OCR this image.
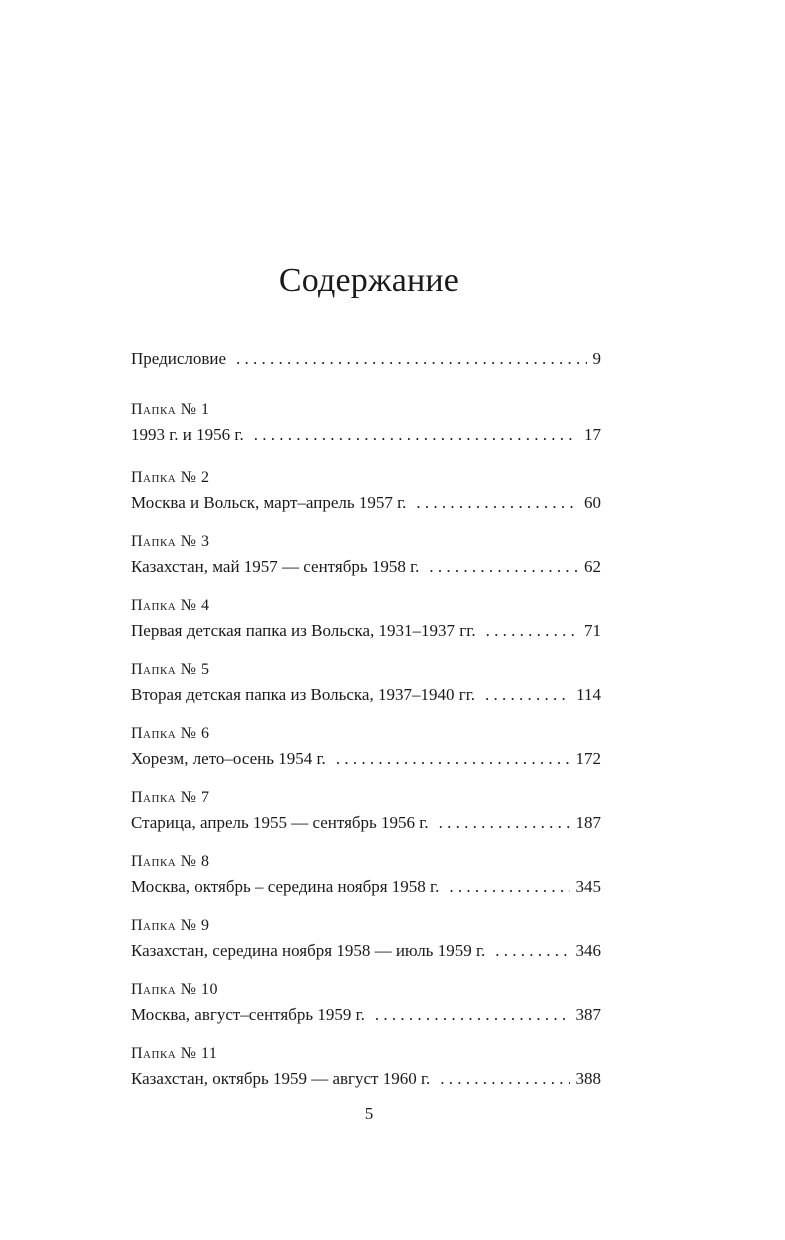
Содержание
Предисловие . . .	9
Папка № 1
1993 г. и 1956 г. . . .	17
Папка № 2
Москва и Вольск, март–апрель 1957 г. . . .	60
Папка № 3
Казахстан, май 1957 — сентябрь 1958 г. . . .	62
Папка № 4
Первая детская папка из Вольска, 1931–1937 гг. . . .	71
Папка № 5
Вторая детская папка из Вольска, 1937–1940 гг. . . .	114
Папка № 6
Хорезм, лето–осень 1954 г. . . .	172
Папка № 7
Старица, апрель 1955 — сентябрь 1956 г. . . .	187
Папка № 8
Москва, октябрь – середина ноября 1958 г. . . .	345
Папка № 9
Казахстан, середина ноября 1958 — июль 1959 г. . . .	346
Папка № 10
Москва, август–сентябрь 1959 г. . . .	387
Папка № 11
Казахстан, октябрь 1959 — август 1960 г. . . .	388
5
